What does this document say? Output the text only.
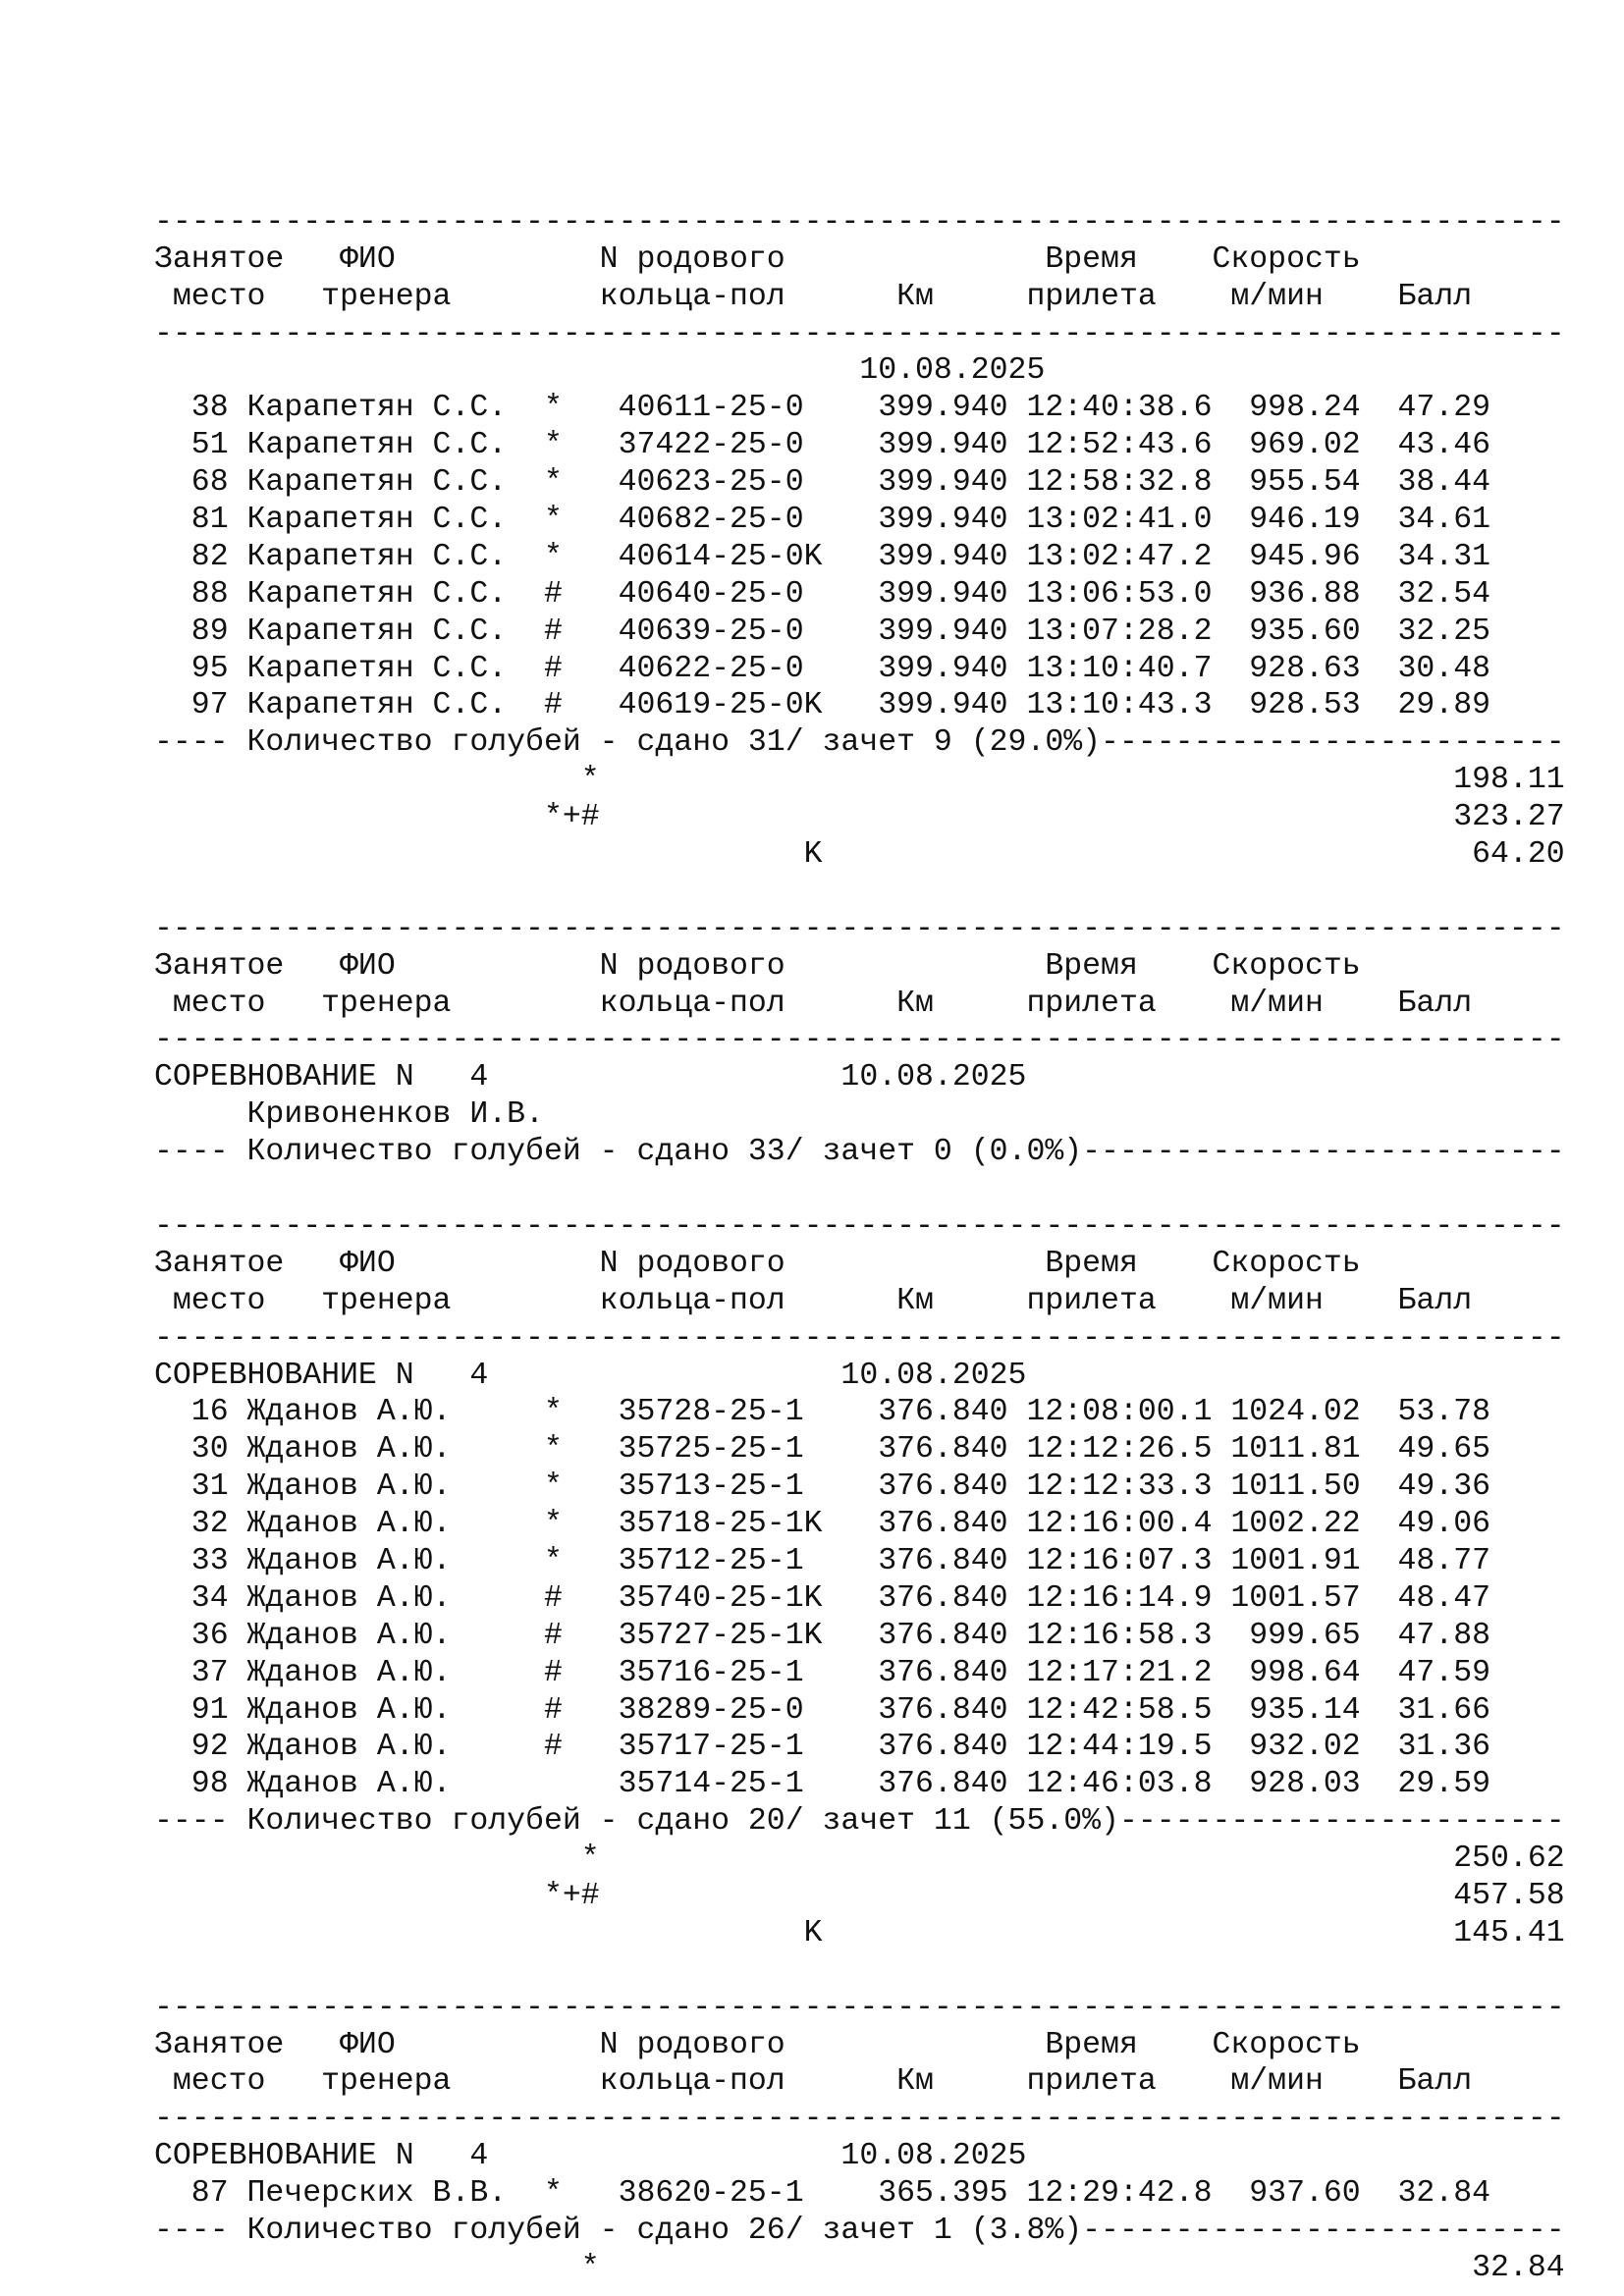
----------------------------------------------------------------------------
Занятое   ФИО           N родового              Время    Скорость
место   тренера        кольца-пол      Км     прилета    м/мин    Балл
----------------------------------------------------------------------------
10.08.2025
38 Карапетян С.С.  *   40611-25-0    399.940 12:40:38.6  998.24  47.29
51 Карапетян С.С.  *   37422-25-0    399.940 12:52:43.6  969.02  43.46
68 Карапетян С.С.  *   40623-25-0    399.940 12:58:32.8  955.54  38.44
81 Карапетян С.С.  *   40682-25-0    399.940 13:02:41.0  946.19  34.61
82 Карапетян С.С.  *   40614-25-0K   399.940 13:02:47.2  945.96  34.31
88 Карапетян С.С.  #   40640-25-0    399.940 13:06:53.0  936.88  32.54
89 Карапетян С.С.  #   40639-25-0    399.940 13:07:28.2  935.60  32.25
95 Карапетян С.С.  #   40622-25-0    399.940 13:10:40.7  928.63  30.48
97 Карапетян С.С.  #   40619-25-0K   399.940 13:10:43.3  928.53  29.89
---- Количество голубей - сдано 31/ зачет 9 (29.0%)-------------------------
*                                              198.11
*+#                                              323.27
K                                   64.20
----------------------------------------------------------------------------
Занятое   ФИО           N родового              Время    Скорость
место   тренера        кольца-пол      Км     прилета    м/мин    Балл
----------------------------------------------------------------------------
СОРЕВНОВАНИЕ N   4                   10.08.2025
Кривоненков И.В.
---- Количество голубей - сдано 33/ зачет 0 (0.0%)--------------------------
----------------------------------------------------------------------------
Занятое   ФИО           N родового              Время    Скорость
место   тренера        кольца-пол      Км     прилета    м/мин    Балл
----------------------------------------------------------------------------
СОРЕВНОВАНИЕ N   4                   10.08.2025
16 Жданов А.Ю.     *   35728-25-1    376.840 12:08:00.1 1024.02  53.78
30 Жданов А.Ю.     *   35725-25-1    376.840 12:12:26.5 1011.81  49.65
31 Жданов А.Ю.     *   35713-25-1    376.840 12:12:33.3 1011.50  49.36
32 Жданов А.Ю.     *   35718-25-1K   376.840 12:16:00.4 1002.22  49.06
33 Жданов А.Ю.     *   35712-25-1    376.840 12:16:07.3 1001.91  48.77
34 Жданов А.Ю.     #   35740-25-1K   376.840 12:16:14.9 1001.57  48.47
36 Жданов А.Ю.     #   35727-25-1K   376.840 12:16:58.3  999.65  47.88
37 Жданов А.Ю.     #   35716-25-1    376.840 12:17:21.2  998.64  47.59
91 Жданов А.Ю.     #   38289-25-0    376.840 12:42:58.5  935.14  31.66
92 Жданов А.Ю.     #   35717-25-1    376.840 12:44:19.5  932.02  31.36
98 Жданов А.Ю.         35714-25-1    376.840 12:46:03.8  928.03  29.59
---- Количество голубей - сдано 20/ зачет 11 (55.0%)------------------------
*                                              250.62
*+#                                              457.58
K                                  145.41
----------------------------------------------------------------------------
Занятое   ФИО           N родового              Время    Скорость
место   тренера        кольца-пол      Км     прилета    м/мин    Балл
----------------------------------------------------------------------------
СОРЕВНОВАНИЕ N   4                   10.08.2025
87 Печерских В.В.  *   38620-25-1    365.395 12:29:42.8  937.60  32.84
---- Количество голубей - сдано 26/ зачет 1 (3.8%)--------------------------
*                                               32.84
